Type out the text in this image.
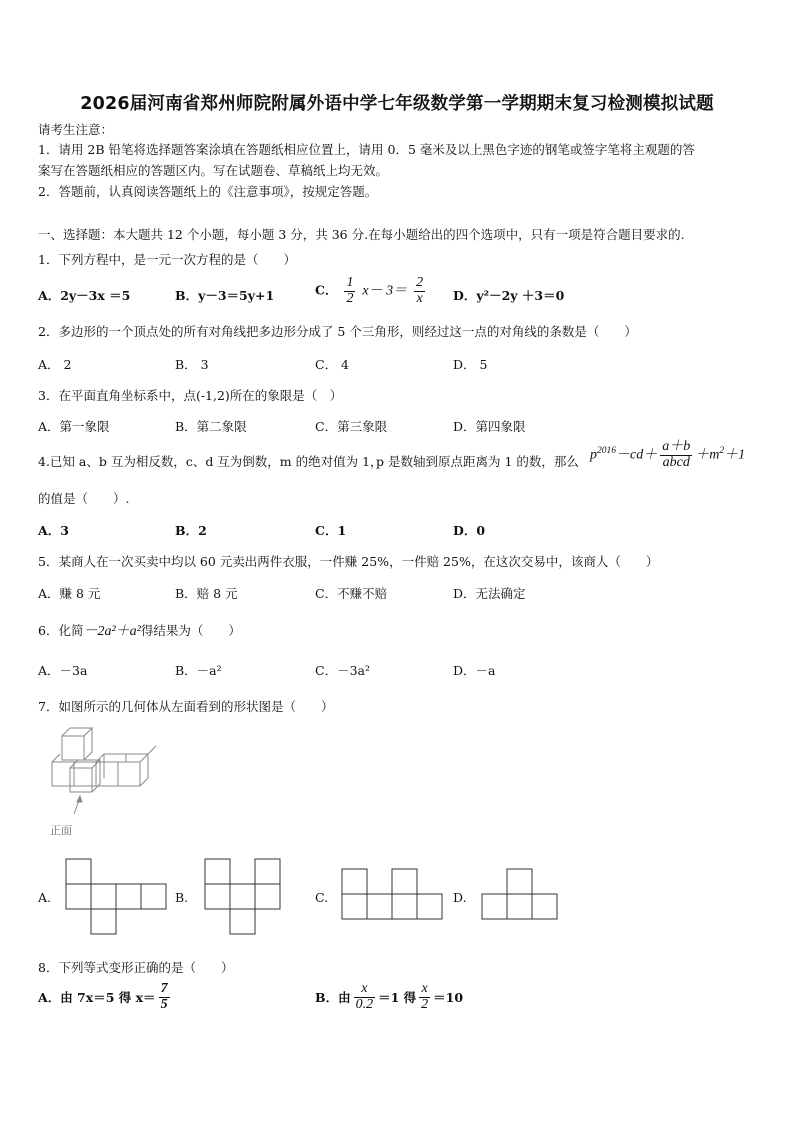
2026届河南省郑州师院附属外语中学七年级数学第一学期期末复习检测模拟试题
请考生注意：
1．请用 2B 铅笔将选择题答案涂填在答题纸相应位置上，请用 0．5 毫米及以上黑色字迹的钢笔或签字笔将主观题的答
案写在答题纸相应的答题区内。写在试题卷、草稿纸上均无效。
2．答题前，认真阅读答题纸上的《注意事项》，按规定答题。
一、选择题：本大题共 12 个小题，每小题 3 分，共 36 分.在每小题给出的四个选项中，只有一项是符合题目要求的.
1．下列方程中，是一元一次方程的是（　　）
A．2y－3x ＝5	B．y－3＝5y+1	C． $\frac{1}{2} x- 3= \frac{2}{x}$ D．y²－2y ＋3＝0
2．多边形的一个顶点处的所有对角线把多边形分成了 5 个三角形，则经过这一点的对角线的条数是（　　）
A． 2	B． 3	C． 4	D． 5
3．在平面直角坐标系中，点(-1,2)所在的象限是（　）
A．第一象限	B．第二象限	C．第三象限	D．第四象限
4.已知 a、b 互为相反数，c、d 互为倒数，m 的绝对值为 1，
p 是数轴到原点距离为 1 的数，那么 $p^{2016}-cd+ \frac{a+b}{\text{abcd}} +m^2+1$
的值是（　　）.
A．3	B．2	C．1	D．0
5．某商人在一次买卖中均以 60 元卖出两件衣服，一件赚 25%，一件赔 25%，在这次交易中，该商人（　　）
A．赚 8 元	B．赔 8 元	C．不赚不赔	D．无法确定
6．化简－2a²＋a²得结果为（　　）
A．－3a	B．－a²	C．－3a²	D．－a
7．如图所示的几何体从左面看到的形状图是（　　）
正面
A.	B.	C.	D.
8．下列等式变形正确的是（　　）
A．由 7x＝5 得 $x= \frac{7}{5}$	B．由 $\frac{x}{0.2} =1$ 得 $\frac{x}{2} =10$
